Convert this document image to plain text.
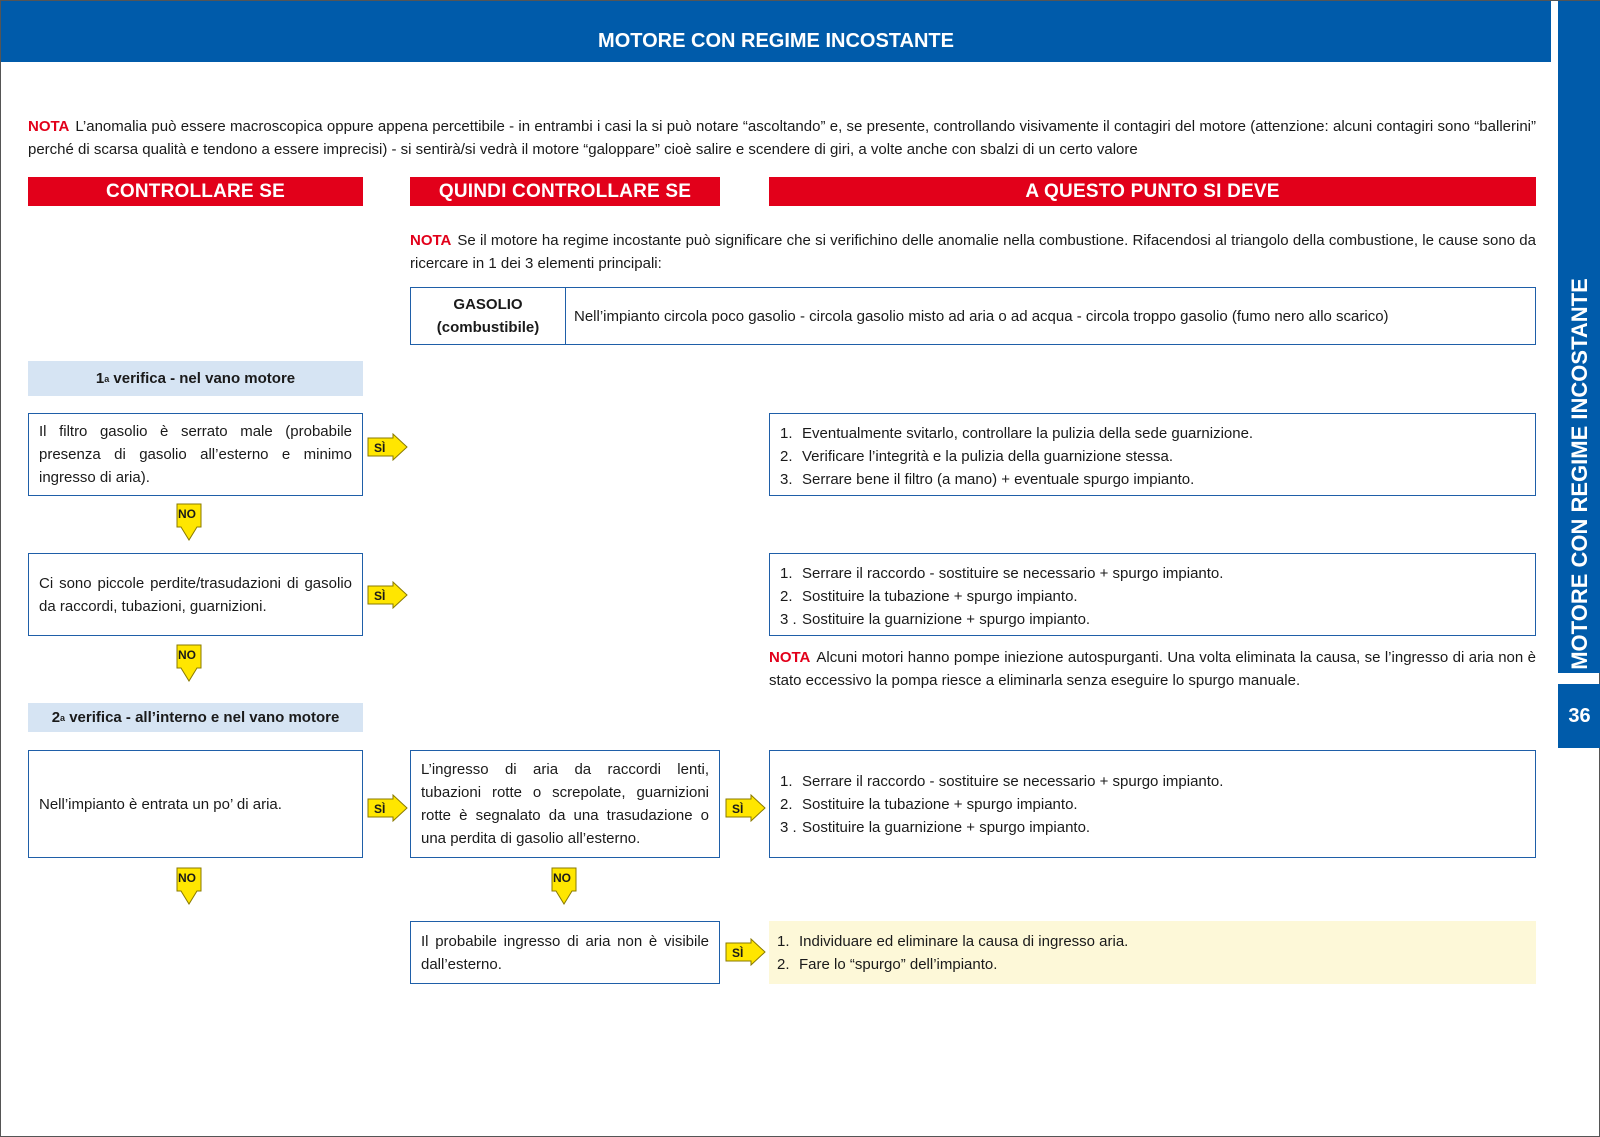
MOTORE CON REGIME INCOSTANTE
MOTORE CON REGIME INCOSTANTE
36
NOTA L’anomalia può essere macroscopica oppure appena percettibile - in entrambi i casi la si può notare “ascoltando” e, se presente, controllando visivamente il contagiri del motore (attenzione: alcuni contagiri sono “ballerini” perché di scarsa qualità e tendono a essere imprecisi) - si sentirà/si vedrà il motore “galoppare” cioè salire e scendere di giri, a volte anche con sbalzi di un certo valore
CONTROLLARE SE	QUINDI CONTROLLARE SE	A QUESTO PUNTO SI DEVE
NOTA Se il motore ha regime incostante può significare che si verifichino delle anomalie nella combustione. Rifacendosi al triangolo della combustione, le cause sono da ricercare in 1 dei 3 elementi principali:
GASOLIO
(combustibile)
Nell’impianto circola poco gasolio - circola gasolio misto ad aria o ad acqua - circola troppo gasolio (fumo nero allo scarico)
1 a verifica - nel vano motore
Il filtro gasolio è serrato male (probabile presenza di gasolio all’esterno e minimo ingresso di aria).
1. Eventualmente svitarlo, controllare la pulizia della sede guarnizione.
2. Verificare l’integrità e la pulizia della guarnizione stessa.
3. Serrare bene il filtro (a mano) + eventuale spurgo impianto.
Ci sono piccole perdite/trasudazioni di gasolio da raccordi, tubazioni, guarnizioni.
1. Serrare il raccordo - sostituire se necessario + spurgo impianto.
2. Sostituire la tubazione + spurgo impianto.
3 . Sostituire la guarnizione + spurgo impianto.
NOTA Alcuni motori hanno pompe iniezione autospurganti. Una volta eliminata la causa, se l’ingresso di aria non è stato eccessivo la pompa riesce a eliminarla senza eseguire lo spurgo manuale.
2 a verifica - all’interno e nel vano motore
Nell’impianto è entrata un po’ di aria.
L’ingresso di aria da raccordi lenti, tubazioni rotte o screpolate, guarnizioni rotte è segnalato da una trasudazione o una perdita di gasolio all’esterno.
1. Serrare il raccordo - sostituire se necessario + spurgo impianto.
2. Sostituire la tubazione + spurgo impianto.
3 . Sostituire la guarnizione + spurgo impianto.
Il probabile ingresso di aria non è visibile dall’esterno.
1. Individuare ed eliminare la causa di ingresso aria.
2. Fare lo “spurgo” dell’impianto.
SÌ
SÌ
SÌ	SÌ
SÌ
NO
NO
NO	NO
